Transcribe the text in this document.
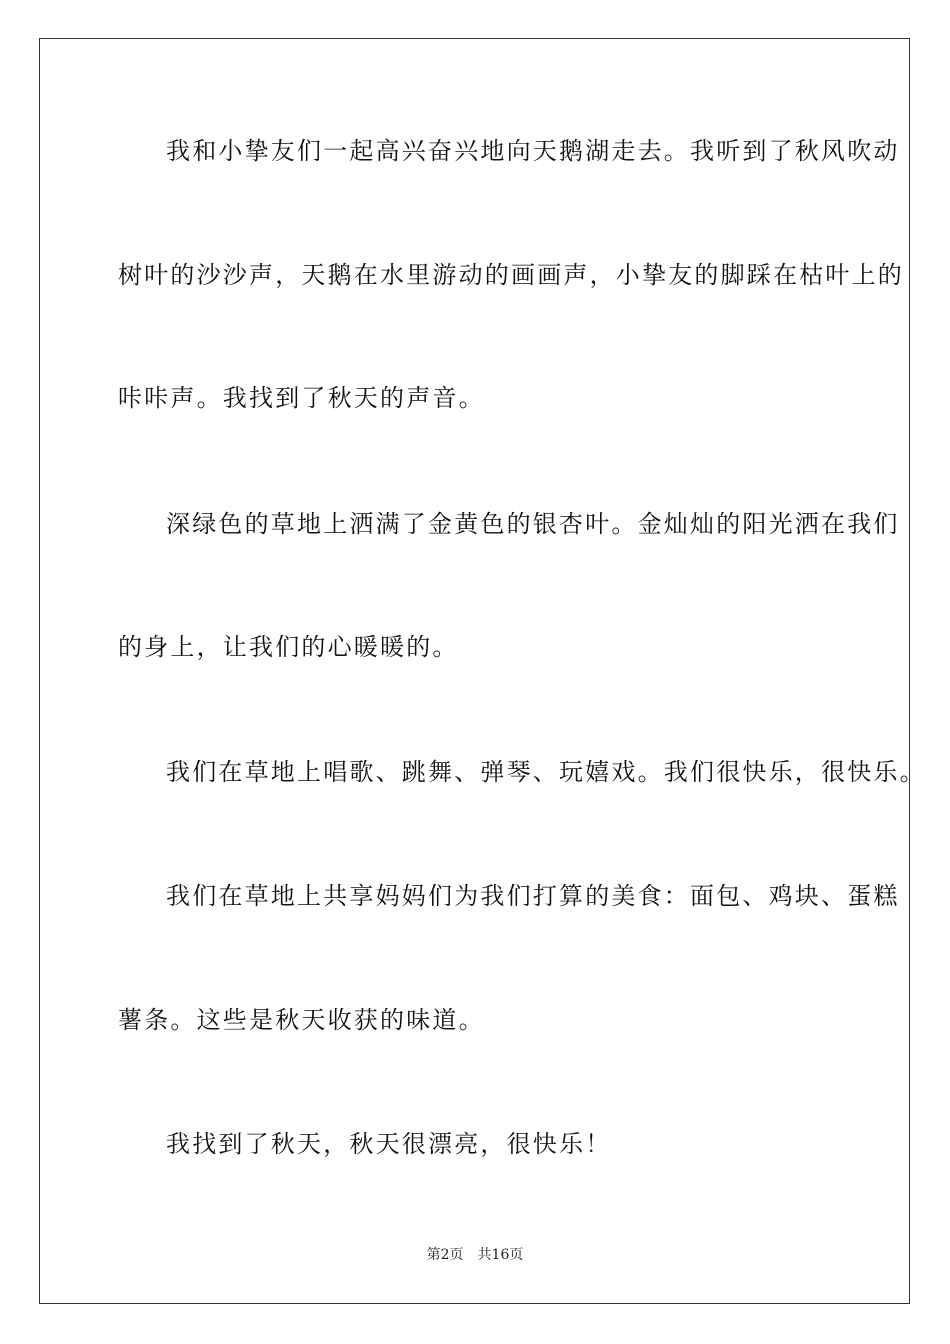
我和小挚友们一起高兴奋兴地向天鹅湖走去。我听到了秋风吹动
树叶的沙沙声，天鹅在水里游动的画画声，小挚友的脚踩在枯叶上的
咔咔声。我找到了秋天的声音。
深绿色的草地上洒满了金黄色的银杏叶。金灿灿的阳光洒在我们
的身上，让我们的心暖暖的。
我们在草地上唱歌、跳舞、弹琴、玩嬉戏。我们很快乐，很快乐。
我们在草地上共享妈妈们为我们打算的美食：面包、鸡块、蛋糕
薯条。这些是秋天收获的味道。
我找到了秋天，秋天很漂亮，很快乐！
第2页 共16页
